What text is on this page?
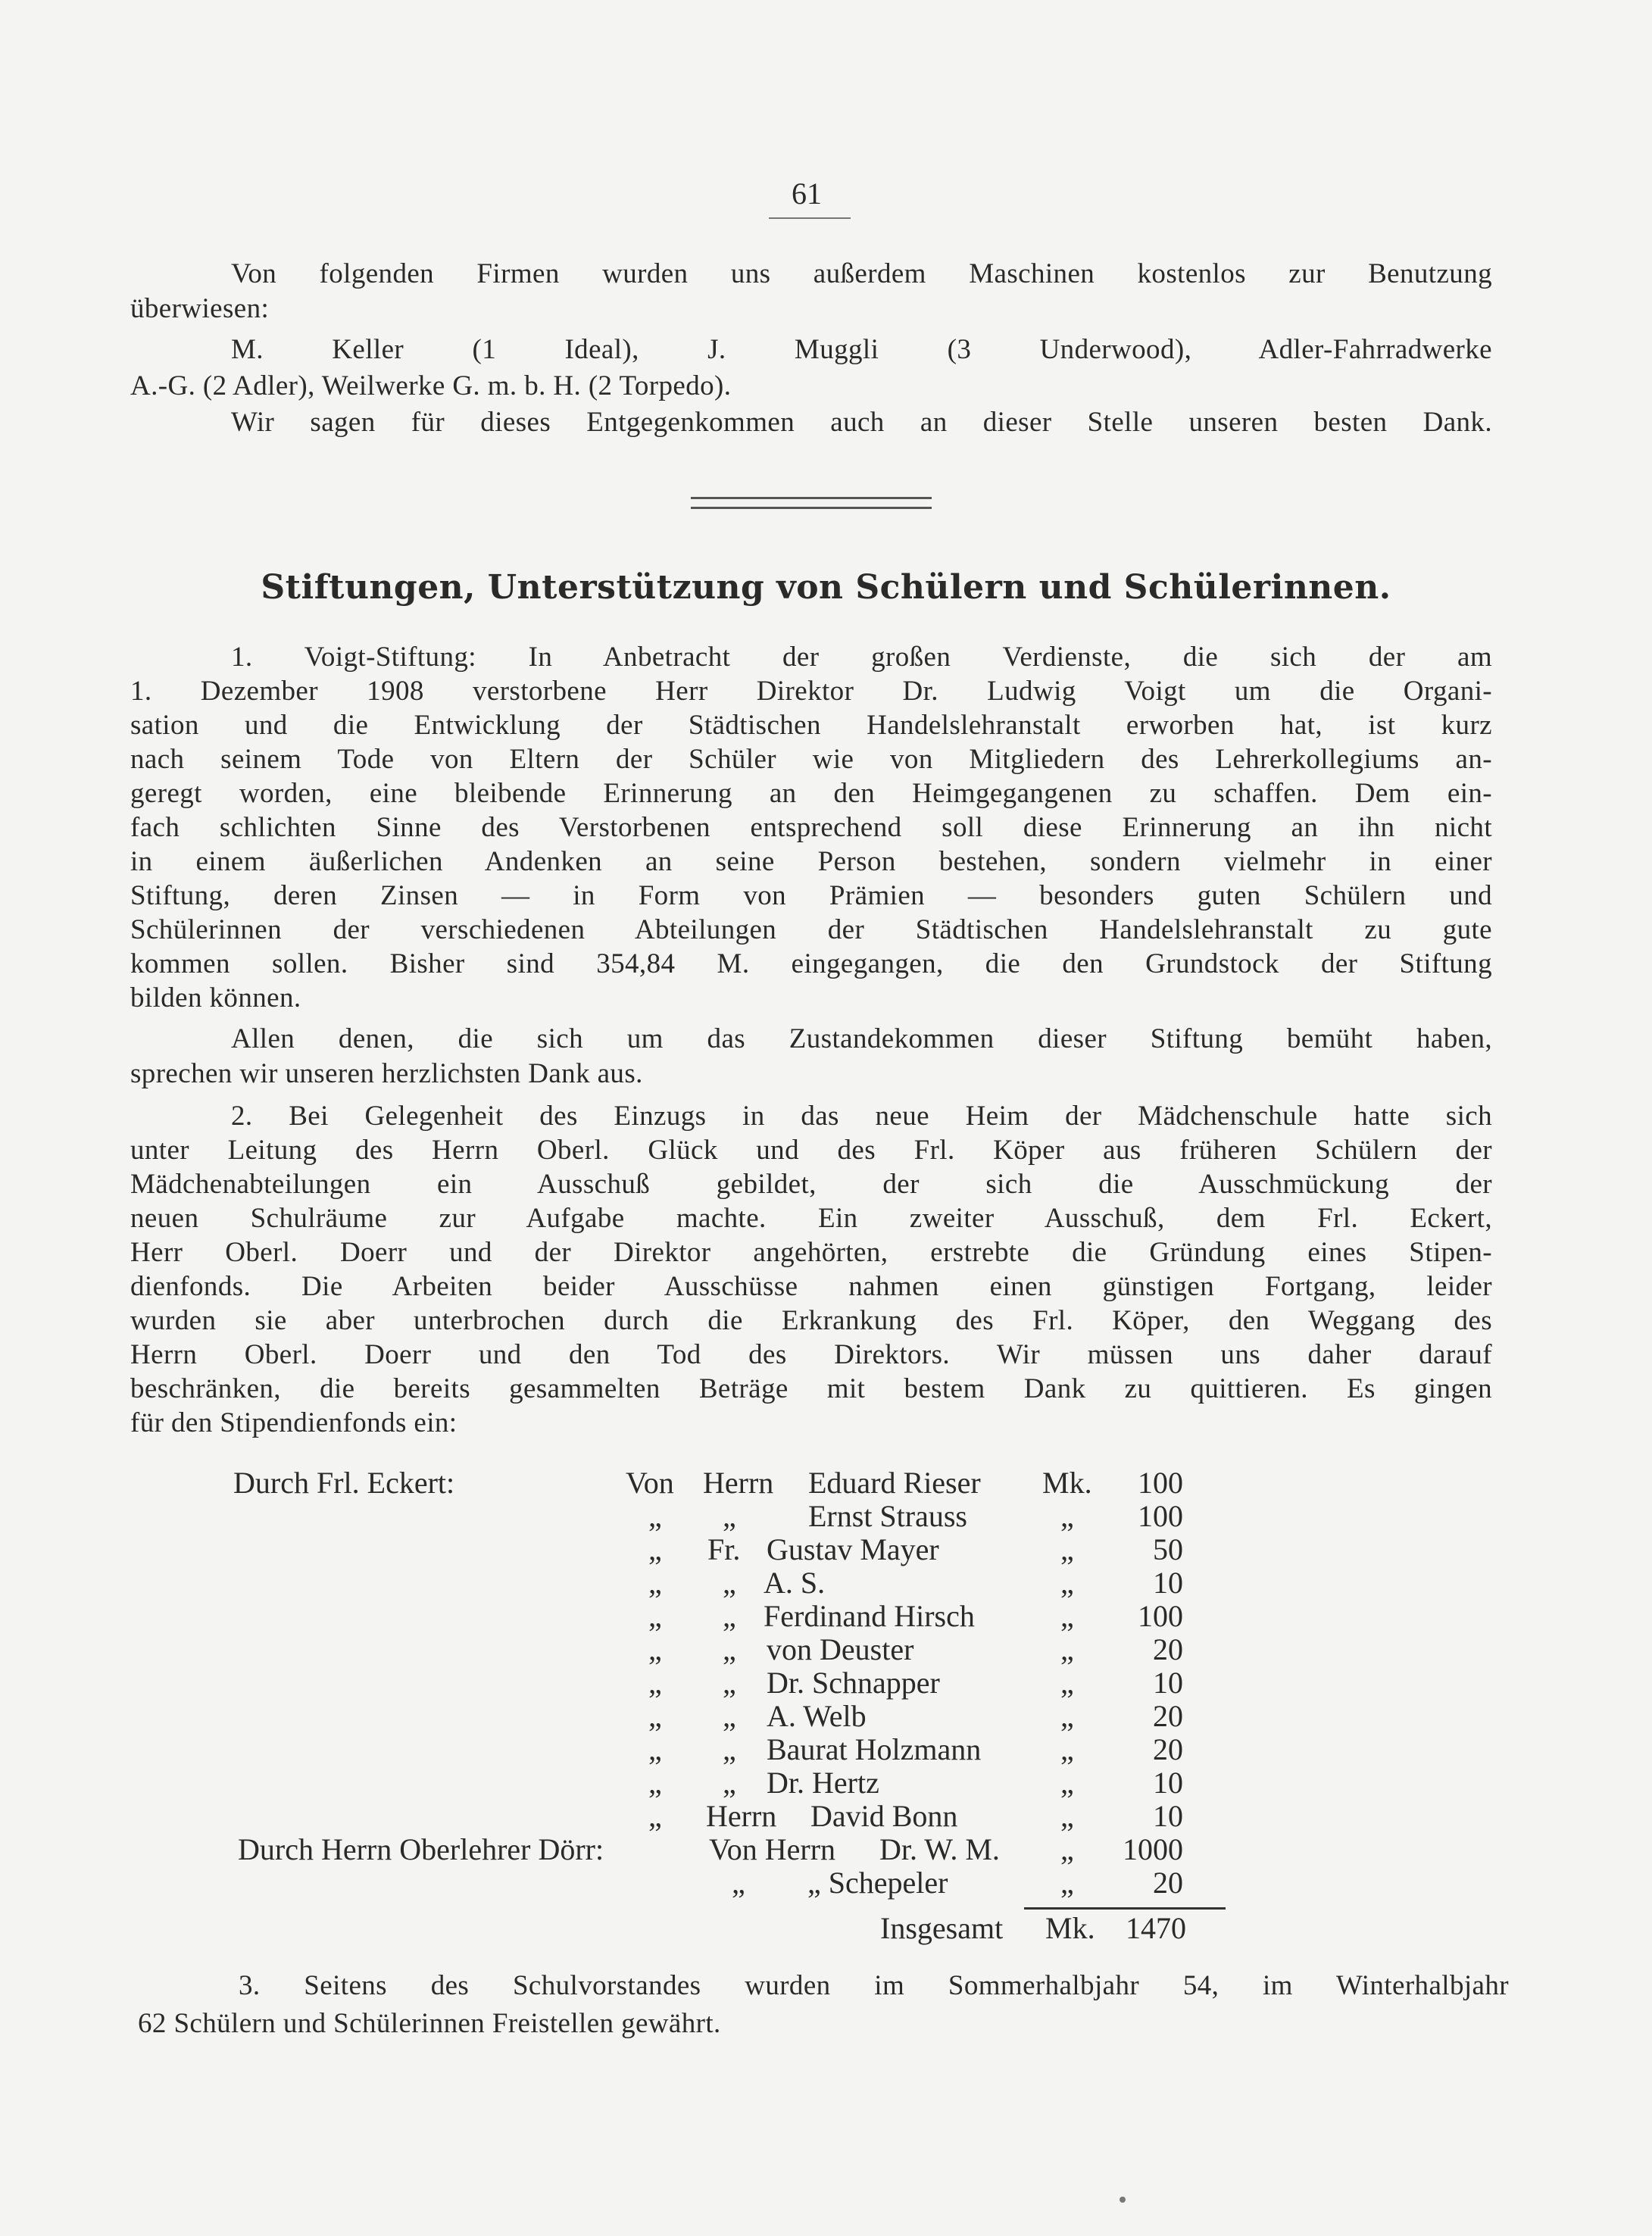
61
Von folgenden Firmen wurden uns außerdem Maschinen kostenlos zur Benutzung
überwiesen:
M. Keller (1 Ideal), J. Muggli (3 Underwood), Adler-Fahrradwerke
A.-G. (2 Adler), Weilwerke G. m. b. H. (2 Torpedo).
Wir sagen für dieses Entgegenkommen auch an dieser Stelle unseren besten Dank.
Stiftungen, Unterstützung von Schülern und Schülerinnen.
1. Voigt-Stiftung: In Anbetracht der großen Verdienste, die sich der am
1. Dezember 1908 verstorbene Herr Direktor Dr. Ludwig Voigt um die Organi-
sation und die Entwicklung der Städtischen Handelslehranstalt erworben hat, ist kurz
nach seinem Tode von Eltern der Schüler wie von Mitgliedern des Lehrerkollegiums an-
geregt worden, eine bleibende Erinnerung an den Heimgegangenen zu schaffen. Dem ein-
fach schlichten Sinne des Verstorbenen entsprechend soll diese Erinnerung an ihn nicht
in einem äußerlichen Andenken an seine Person bestehen, sondern vielmehr in einer
Stiftung, deren Zinsen — in Form von Prämien — besonders guten Schülern und
Schülerinnen der verschiedenen Abteilungen der Städtischen Handelslehranstalt zu gute
kommen sollen. Bisher sind 354,84 M. eingegangen, die den Grundstock der Stiftung
bilden können.
Allen denen, die sich um das Zustandekommen dieser Stiftung bemüht haben,
sprechen wir unseren herzlichsten Dank aus.
2. Bei Gelegenheit des Einzugs in das neue Heim der Mädchenschule hatte sich
unter Leitung des Herrn Oberl. Glück und des Frl. Köper aus früheren Schülern der
Mädchenabteilungen ein Ausschuß gebildet, der sich die Ausschmückung der
neuen Schulräume zur Aufgabe machte. Ein zweiter Ausschuß, dem Frl. Eckert,
Herr Oberl. Doerr und der Direktor angehörten, erstrebte die Gründung eines Stipen-
dienfonds. Die Arbeiten beider Ausschüsse nahmen einen günstigen Fortgang, leider
wurden sie aber unterbrochen durch die Erkrankung des Frl. Köper, den Weggang des
Herrn Oberl. Doerr und den Tod des Direktors. Wir müssen uns daher darauf
beschränken, die bereits gesammelten Beträge mit bestem Dank zu quittieren. Es gingen
für den Stipendienfonds ein:
Durch Frl. Eckert:	Von Herrn Eduard Rieser Mk.	100
„ „ Ernst Strauss	„	100
„ Fr. Gustav Mayer	„	50
„ „ A. S.	„	10
„ „ Ferdinand Hirsch	„	100
„ „ von Deuster	„	20
„ „ Dr. Schnapper	„	10
„ „ A. Welb	„	20
„ „ Baurat Holzmann	„	20
„ „ Dr. Hertz	„	10
„ Herrn David Bonn	„	10
Durch Herrn Oberlehrer Dörr:	Von Herrn Dr. W. M. „	1000
„ „ Schepeler	„	20
Insgesamt Mk.	1470
3. Seitens des Schulvorstandes wurden im Sommerhalbjahr 54, im Winterhalbjahr
62 Schülern und Schülerinnen Freistellen gewährt.
